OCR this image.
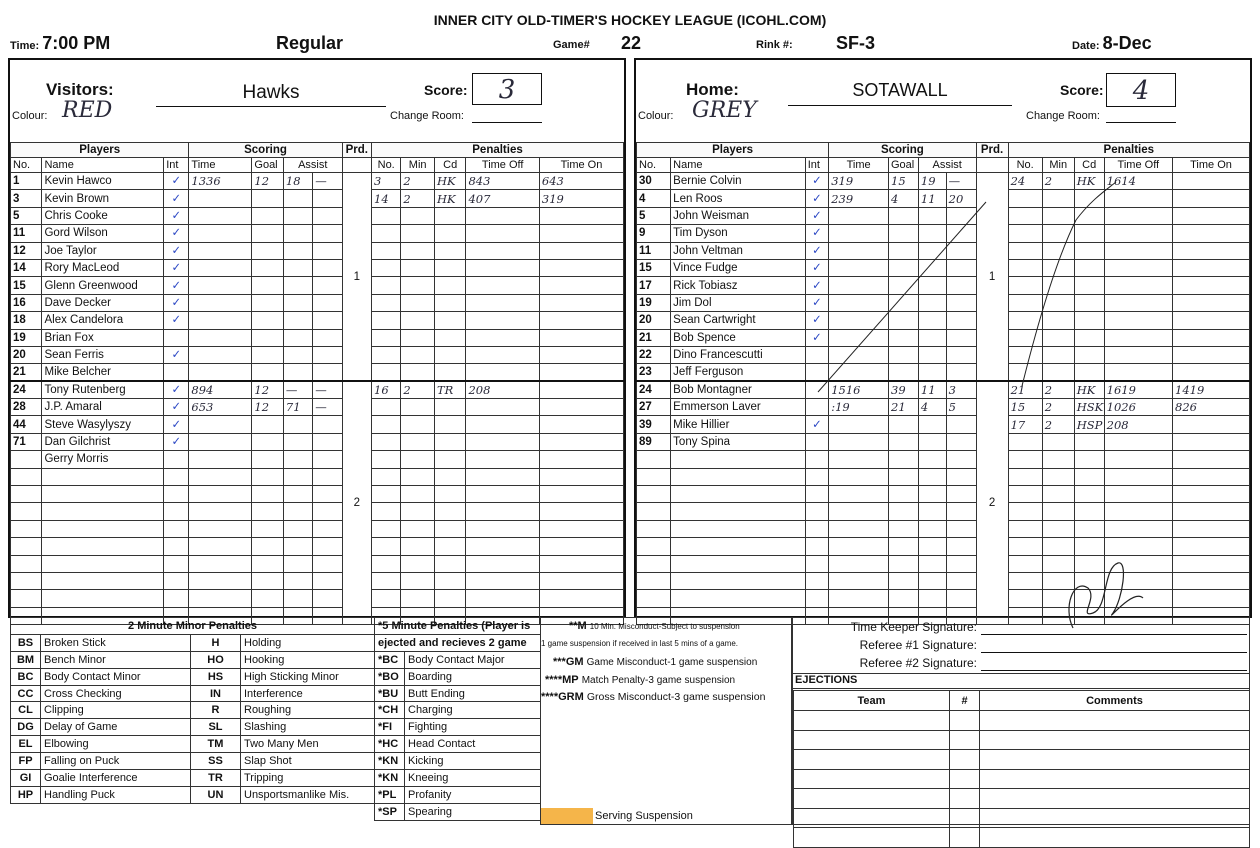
INNER CITY OLD-TIMER'S HOCKEY LEAGUE (ICOHL.COM)
Time: 7:00 PM	Regular	Game# 22	Rink #: SF-3	Date: 8-Dec
Visitors:
Colour: RED
Hawks	Score:	3
Change Room:
Home:
Colour: GREY
SOTAWALL	Score:	4
Change Room:
Players			Scoring				Prd.	Penalties				
No.	Name	Int	Time	Goal	Assist			No.	Min	Cd	Time Off	Time On
1	Kevin Hawco	✓	1336	12	18	—	1	3	2	HK	843	643
3	Kevin Brown	✓						14	2	HK	407	319
5	Chris Cooke	✓										
11	Gord Wilson	✓										
12	Joe Taylor	✓										
14	Rory MacLeod	✓										
15	Glenn Greenwood	✓										
16	Dave Decker	✓										
18	Alex Candelora	✓										
19	Brian Fox											
20	Sean Ferris	✓										
21	Mike Belcher											
24	Tony Rutenberg	✓	894	12	—	—	2	16	2	TR	208	
28	J.P. Amaral	✓	653	12	71	—						
44	Steve Wasylyszy	✓										
71	Dan Gilchrist	✓										
	Gerry Morris											

Players			Scoring				Prd.	Penalties				
No.	Name	Int	Time	Goal	Assist			No.	Min	Cd	Time Off	Time On
30	Bernie Colvin	✓	319	15	19	—	1	24	2	HK	1614	
4	Len Roos	✓	239	4	11	20						
5	John Weisman	✓										
9	Tim Dyson	✓										
11	John Veltman	✓										
15	Vince Fudge	✓										
17	Rick Tobiasz	✓										
19	Jim Dol	✓										
20	Sean Cartwright	✓										
21	Bob Spence	✓										
22	Dino Francescutti											
23	Jeff Ferguson											
24	Bob Montagner		1516	39	11	3	2	21	2	HK	1619	1419
27	Emmerson Laver		:19	21	4	5		15	2	HSK	1026	826
39	Mike Hillier	✓						17	2	HSP	208	
89	Tony Spina											

2 Minute Minor Penalties			
BS	Broken Stick	H	Holding
BM	Bench Minor	HO	Hooking
BC	Body Contact Minor	HS	High Sticking Minor
CC	Cross Checking	IN	Interference
CL	Clipping	R	Roughing
DG	Delay of Game	SL	Slashing
EL	Elbowing	TM	Two Many Men
FP	Falling on Puck	SS	Slap Shot
GI	Goalie Interference	TR	Tripping
HP	Handling Puck	UN	Unsportsmanlike Mis.
*5 Minute Penalties (Player is	
ejected and recieves 2 game	
*BC	Body Contact Major
*BO	Boarding
*BU	Butt Ending
*CH	Charging
*FI	Fighting
*HC	Head Contact
*KN	Kicking
*KN	Kneeing
*PL	Profanity
*SP	Spearing
**M 10 Min. Misconduct-Subject to suspension
1 game suspension if received in last 5 mins of a game.
***GM Game Misconduct-1 game suspension
****MP Match Penalty-3 game suspension
****GRM Gross Misconduct-3 game suspension
Serving Suspension
Time Keeper Signature:
Referee #1 Signature:
Referee #2 Signature:
EJECTIONS
Team	#	Comments
